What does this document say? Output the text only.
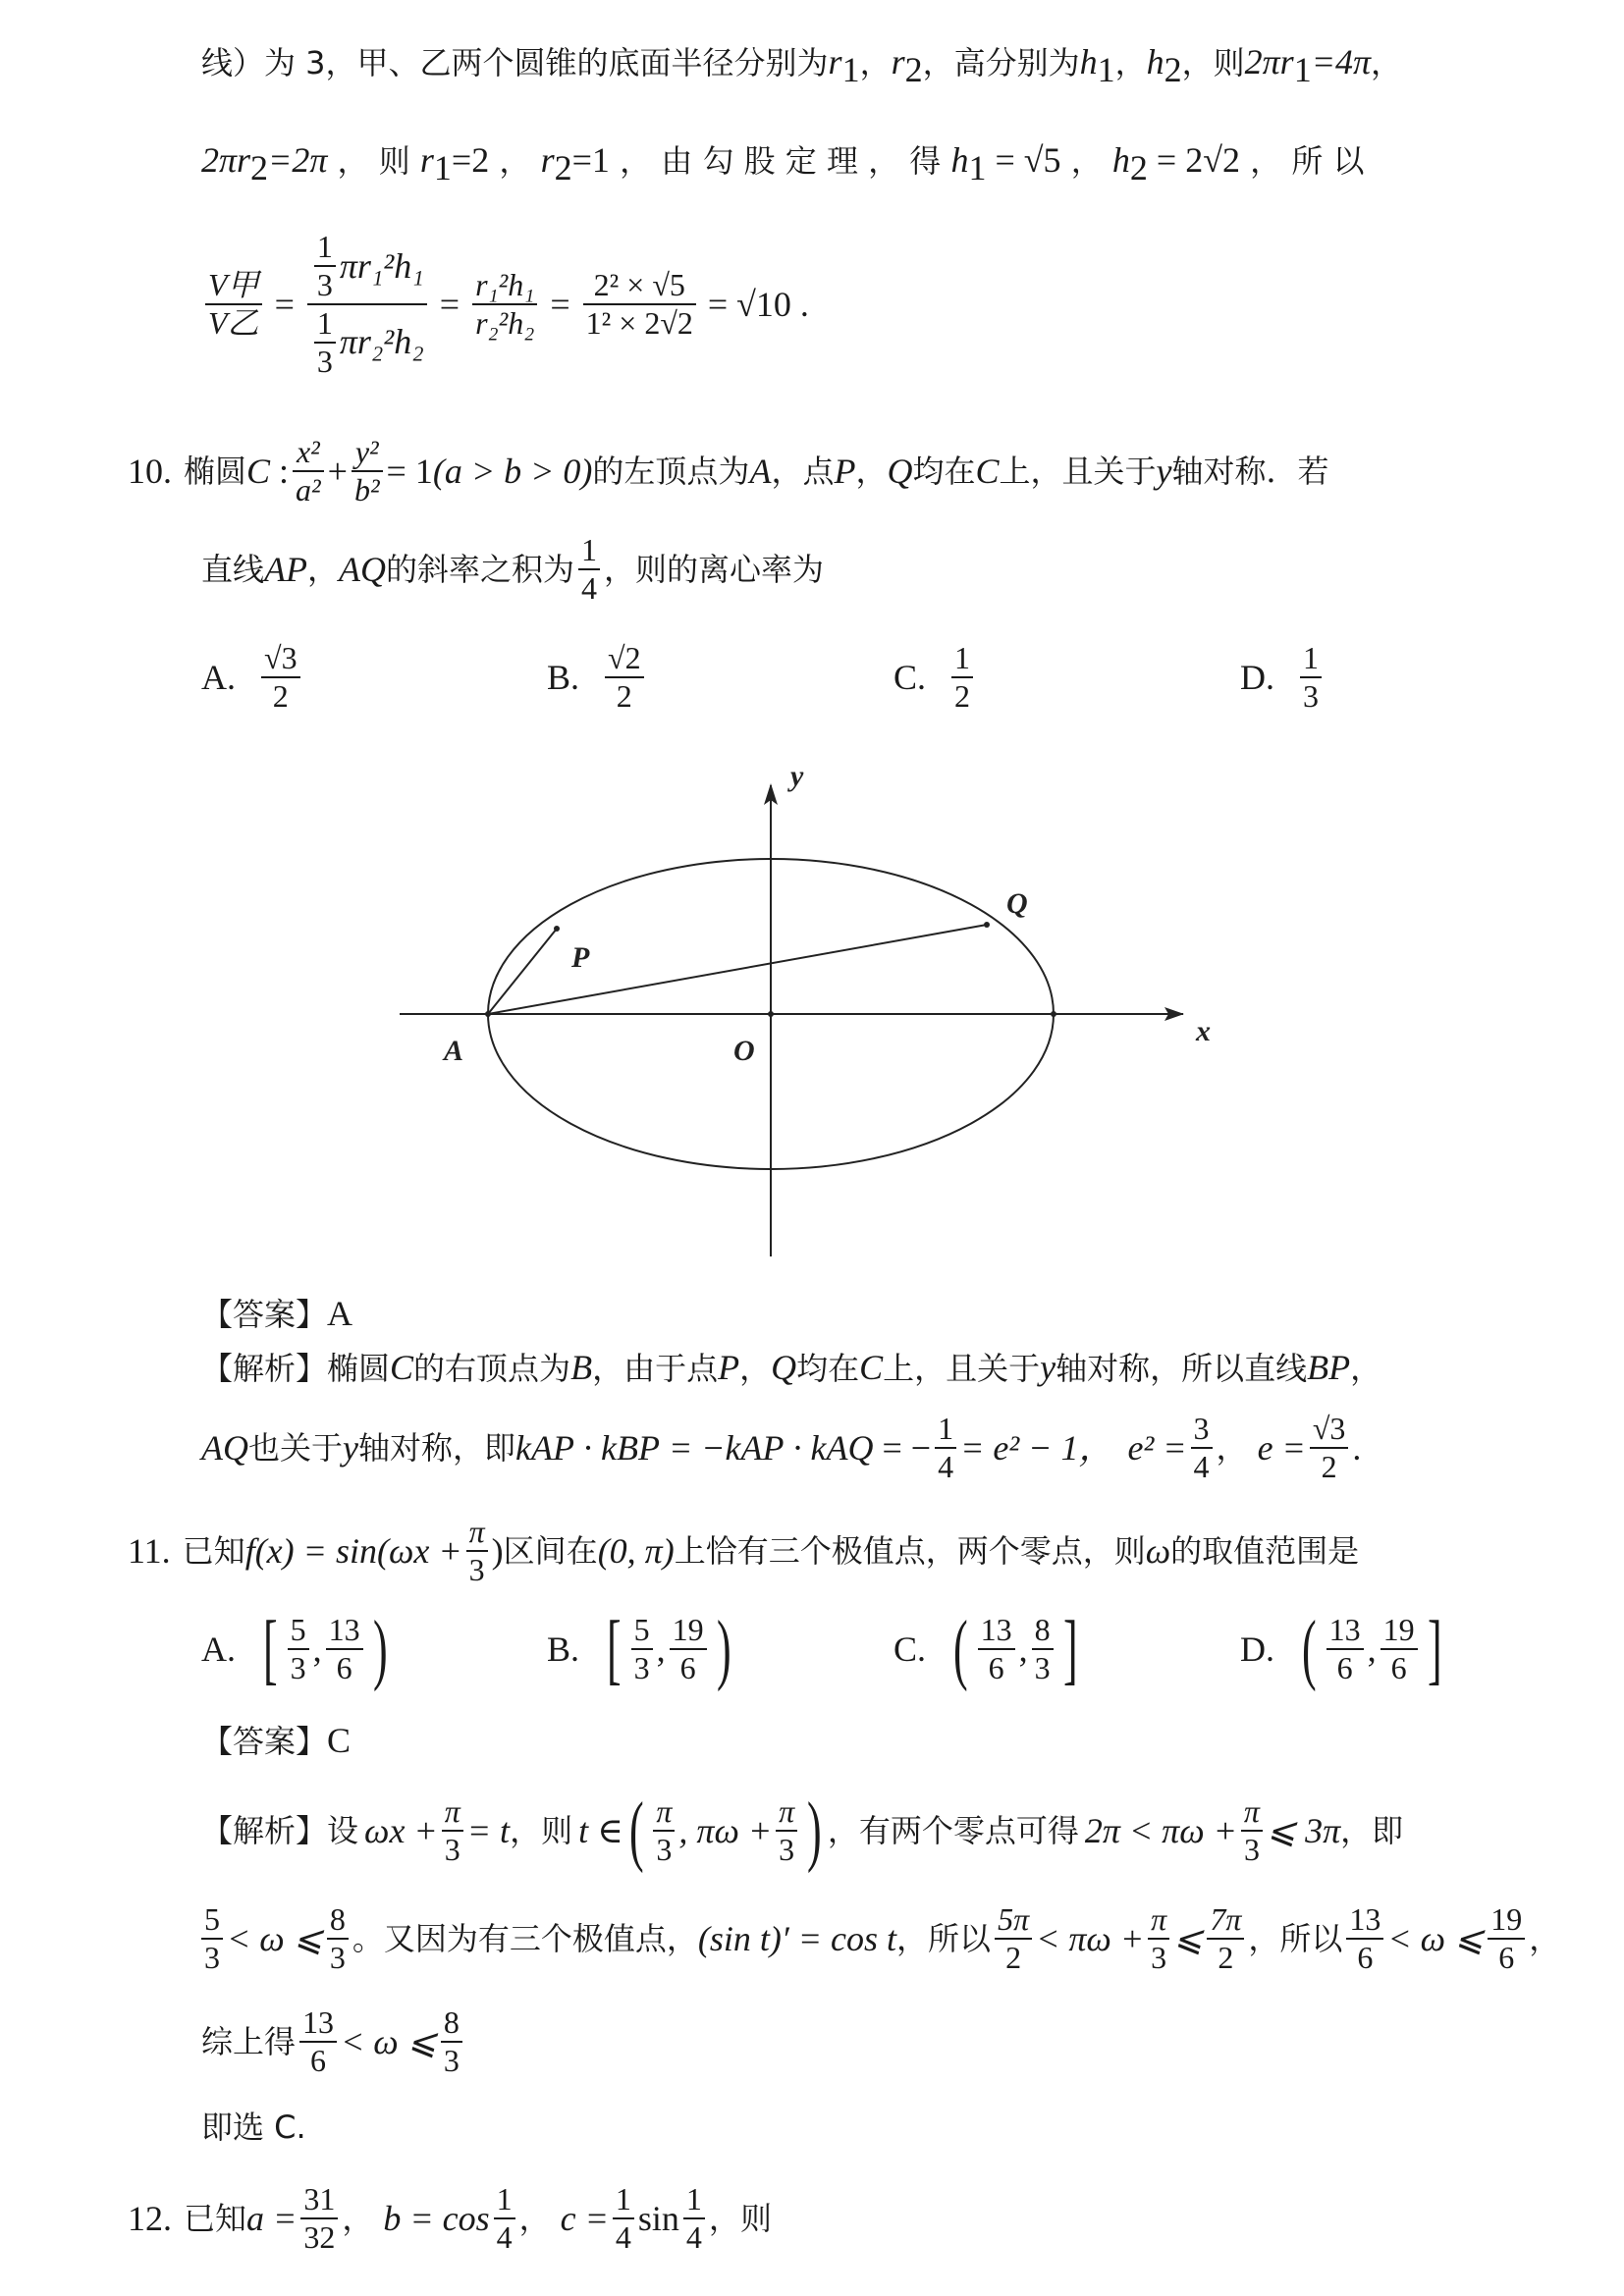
线）为 3，甲、乙两个圆锥的底面半径分别为$r_1$，$r_2$，高分别为$h_1$，$h_2$，则$2\pi r_1=4\pi$，
$2\pi r_2=2\pi$ ， 则 $r_1=2$ ， $r_2=1$ ， 由 勾 股 定 理 ， 得 $h_1 = √5$ ， $h_2 = 2√2$ ， 所 以
$\frac{\text{V甲}}{\text{V乙}} = \frac{\frac{1}{3} \pi r_1^2h_1}{\frac{1}{3} \pi r_2^2h_2} = \frac{\text{r₁²h₁}}{\text{r₂²h₂}} = \frac{\text{2² × √5}}{\text{1² × 2√2}} = √10$ .
10. 椭圆 C : $\frac{\text{x²}}{\text{a²}} + \frac{\text{y²}}{\text{b²}} = 1$ (a > b > 0) 的左顶点为 A ，点 P ， Q 均在 C 上，且关于 y 轴对称．若
直线 AP ， AQ 的斜率之积为 $\frac{1}{4}$ ，则的离心率为
A. $\frac{√3}{2}$	B. $\frac{√2}{2}$	C. $\frac{1}{2}$	D. $\frac{1}{3}$
y
x
A	O
P
Q
【答案】A
【解析】椭圆C的右顶点为B，由于点P，Q均在C上，且关于y轴对称，所以直线BP，
AQ 也关于 y 轴对称，即 k AP · k BP = −k AP · k AQ = − $\frac{1}{4} = e^2 - 1$， $e^2 = \frac{3}{4}$ ， $e = \frac{√3}{2}$ .
11. 已知 $f(x) = \sin(\omega x + \frac{\pi}{3}$ ) 区间在 (0, π) 上恰有三个极值点，两个零点，则 ω 的取值范围是
A. [ $\frac{5}{3}$ , $\frac{13}{6}$ )	B. [ $\frac{5}{3}$ , $\frac{19}{6}$ )	C. ( $\frac{13}{6}$ , $\frac{8}{3}$ ]	D. ( $\frac{13}{6}$ , $\frac{19}{6}$ ]
【答案】C
【解析】 设 $\omega x + \frac{\pi}{3} = t$ ，则 t ∈ ( $\frac{\pi}{3}$ , $\pi\omega + \frac{\pi}{3}$ ) ，有两个零点可得 $2\pi < \pi\omega + \frac{\pi}{3}$ ⩽ 3π ，即
$\frac{5}{3} < \omega$ ⩽ $\frac{8}{3}$ 。又因为有三个极值点， (sin t)′ = cos t ，所以 $\frac{5\pi}{2} < \pi\omega + \frac{\pi}{3}$ ⩽ $\frac{7\pi}{2}$ ，所以 $\frac{13}{6} < \omega$ ⩽ $\frac{19}{6}$ ，
综上得 $\frac{13}{6} < \omega$ ⩽ $\frac{8}{3}$
即选 C.
12. 已知 $a = \frac{31}{32}$ ， $b = \cos \frac{1}{4}$ ， $c = \frac{1}{4}$ $\sin \frac{1}{4}$ ， 则
